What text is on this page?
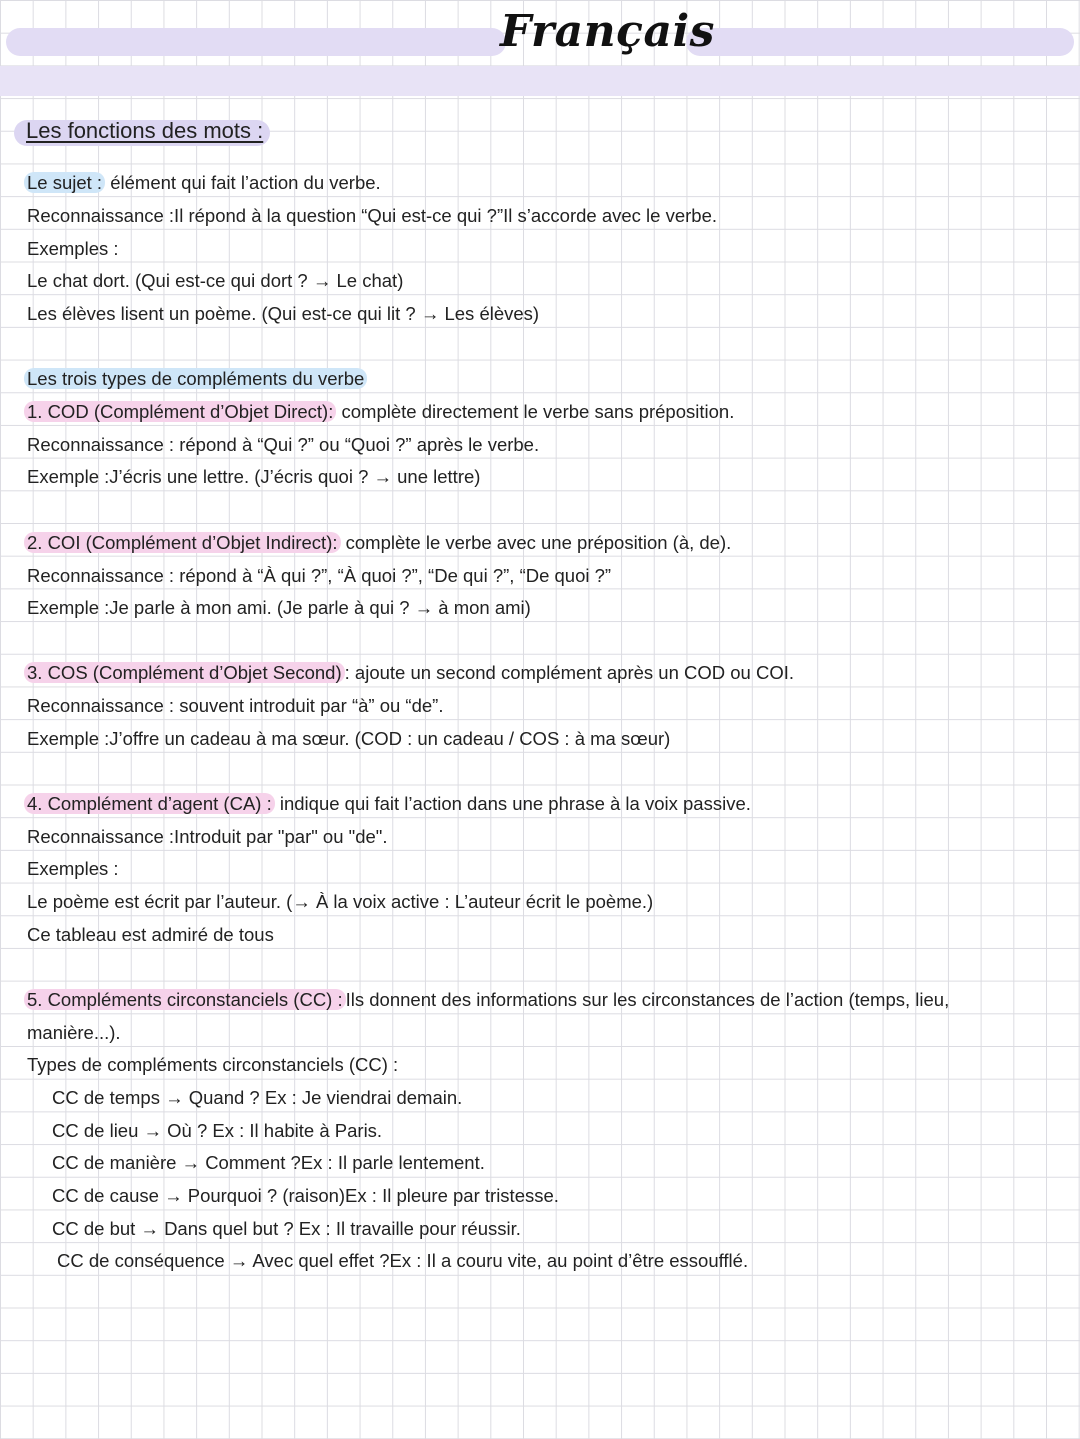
Français
Les fonctions des mots :
Le sujet : élément qui fait l’action du verbe.
Reconnaissance :Il répond à la question “Qui est-ce qui ?”Il s’accorde avec le verbe.
Exemples :
Le chat dort. (Qui est-ce qui dort ? → Le chat)
Les élèves lisent un poème. (Qui est-ce qui lit ? → Les élèves)
Les trois types de compléments du verbe
1. COD (Complément d’Objet Direct): complète directement le verbe sans préposition.
Reconnaissance : répond à “Qui ?” ou “Quoi ?” après le verbe.
Exemple :J’écris une lettre. (J’écris quoi ? → une lettre)
2. COI (Complément d’Objet Indirect): complète le verbe avec une préposition (à, de).
Reconnaissance : répond à “À qui ?”, “À quoi ?”, “De qui ?”, “De quoi ?”
Exemple :Je parle à mon ami. (Je parle à qui ? → à mon ami)
3. COS (Complément d’Objet Second) : ajoute un second complément après un COD ou COI.
Reconnaissance : souvent introduit par “à” ou “de”.
Exemple :J’offre un cadeau à ma sœur. (COD : un cadeau / COS : à ma sœur)
4. Complément d’agent (CA) : indique qui fait l’action dans une phrase à la voix passive.
Reconnaissance :Introduit par "par" ou "de".
Exemples :
Le poème est écrit par l’auteur. (→ À la voix active : L’auteur écrit le poème.)
Ce tableau est admiré de tous
5. Compléments circonstanciels (CC) : Ils donnent des informations sur les circonstances de l’action (temps, lieu,
manière...).
Types de compléments circonstanciels (CC) :
CC de temps → Quand ? Ex : Je viendrai demain.
CC de lieu → Où ? Ex : Il habite à Paris.
CC de manière → Comment ?Ex : Il parle lentement.
CC de cause → Pourquoi ? (raison)Ex : Il pleure par tristesse.
CC de but → Dans quel but ? Ex : Il travaille pour réussir.
CC de conséquence → Avec quel effet ?Ex : Il a couru vite, au point d’être essoufflé.
